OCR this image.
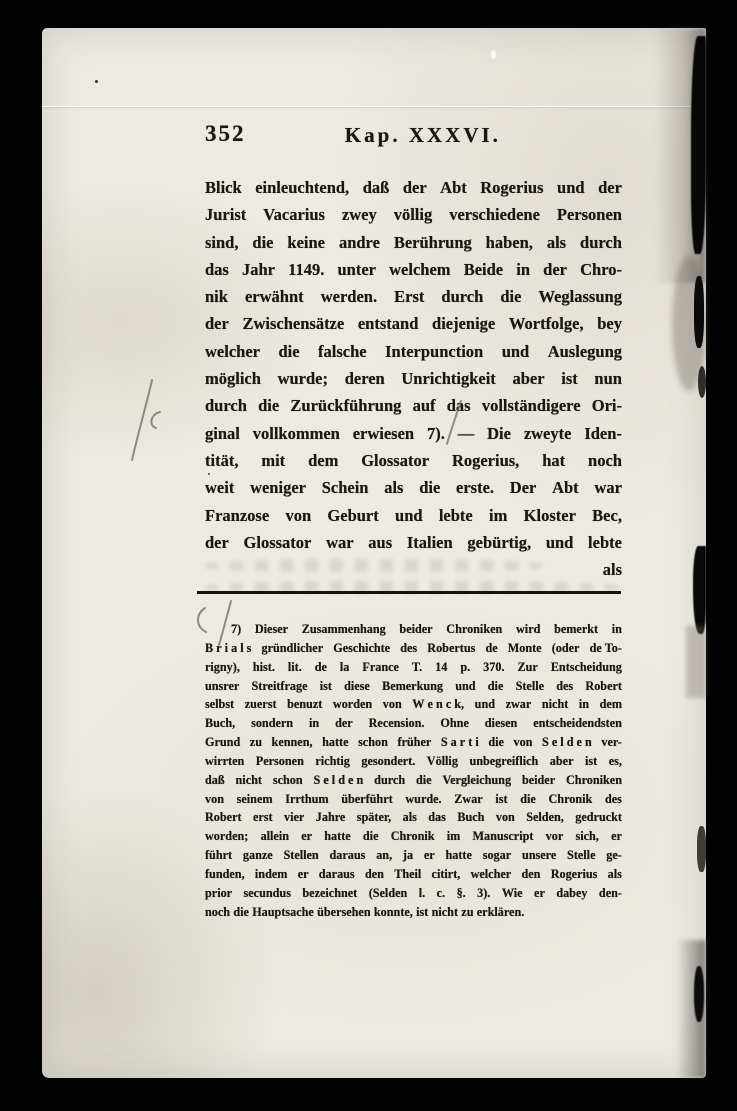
352	Kap. XXXVI.
Blick einleuchtend, daß der Abt Rogerius und der
Jurist Vacarius zwey völlig verschiedene Personen
sind, die keine andre Berührung haben, als durch
das Jahr 1149. unter welchem Beide in der Chro-
nik erwähnt werden. Erst durch die Weglassung
der Zwischensätze entstand diejenige Wortfolge, bey
welcher die falsche Interpunction und Auslegung
möglich wurde; deren Unrichtigkeit aber ist nun
durch die Zurückführung auf das vollständigere Ori-
ginal vollkommen erwiesen 7). — Die zweyte Iden-
tität, mit dem Glossator Rogerius, hat noch
weit weniger Schein als die erste. Der Abt war
Franzose von Geburt und lebte im Kloster Bec,
der Glossator war aus Italien gebürtig, und lebte
als
7) Dieser Zusammenhang beider Chroniken wird bemerkt in
B r i a l s gründlicher Geschichte des Robertus de Monte (oder de To-
rigny), hist. lit. de la France T. 14 p. 370. Zur Entscheidung
unsrer Streitfrage ist diese Bemerkung und die Stelle des Robert
selbst zuerst benuzt worden von W e n c k, und zwar nicht in dem
Buch, sondern in der Recension. Ohne diesen entscheidendsten
Grund zu kennen, hatte schon früher S a r t i die von S e l d e n ver-
wirrten Personen richtig gesondert. Völlig unbegreiflich aber ist es,
daß nicht schon S e l d e n durch die Vergleichung beider Chroniken
von seinem Irrthum überführt wurde. Zwar ist die Chronik des
Robert erst vier Jahre später, als das Buch von Selden, gedruckt
worden; allein er hatte die Chronik im Manuscript vor sich, er
führt ganze Stellen daraus an, ja er hatte sogar unsere Stelle ge-
funden, indem er daraus den Theil citirt, welcher den Rogerius als
prior secundus bezeichnet (Selden l. c. §. 3). Wie er dabey den-
noch die Hauptsache übersehen konnte, ist nicht zu erklären.
